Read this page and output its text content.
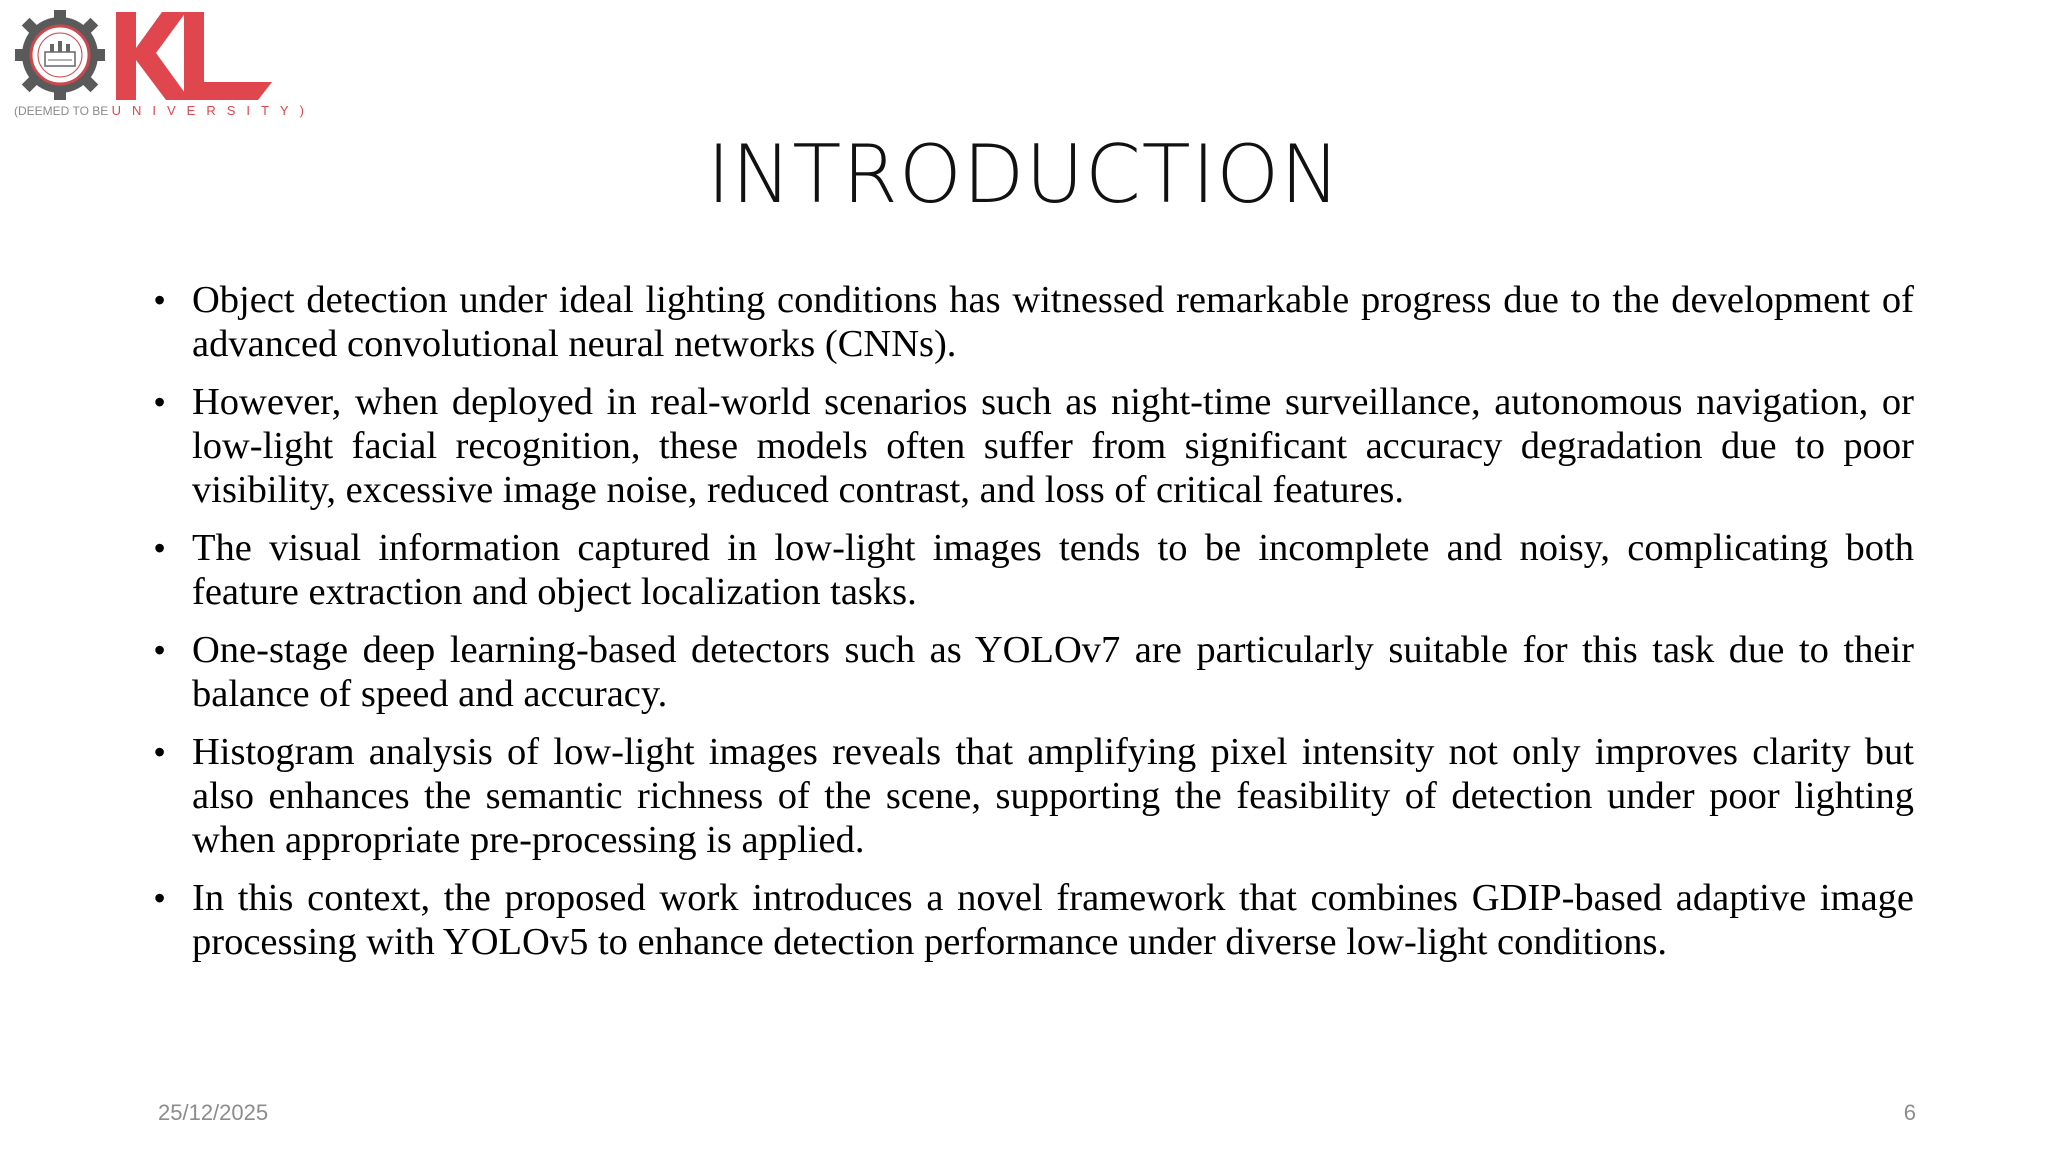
(DEEMED TO BE UNIVERSITY)
INTRODUCTION
• Object detection under ideal lighting conditions has witnessed remarkable progress due to the development of advanced convolutional neural networks (CNNs).
• However, when deployed in real-world scenarios such as night-time surveillance, autonomous navigation, or low-light facial recognition, these models often suffer from significant accuracy degradation due to poor visibility, excessive image noise, reduced contrast, and loss of critical features.
• The visual information captured in low-light images tends to be incomplete and noisy, complicating both feature extraction and object localization tasks.
• One-stage deep learning-based detectors such as YOLOv7 are particularly suitable for this task due to their balance of speed and accuracy.
• Histogram analysis of low-light images reveals that amplifying pixel intensity not only improves clarity but also enhances the semantic richness of the scene, supporting the feasibility of detection under poor lighting when appropriate pre-processing is applied.
• In this context, the proposed work introduces a novel framework that combines GDIP-based adaptive image processing with YOLOv5 to enhance detection performance under diverse low-light conditions.
25/12/2025	6
